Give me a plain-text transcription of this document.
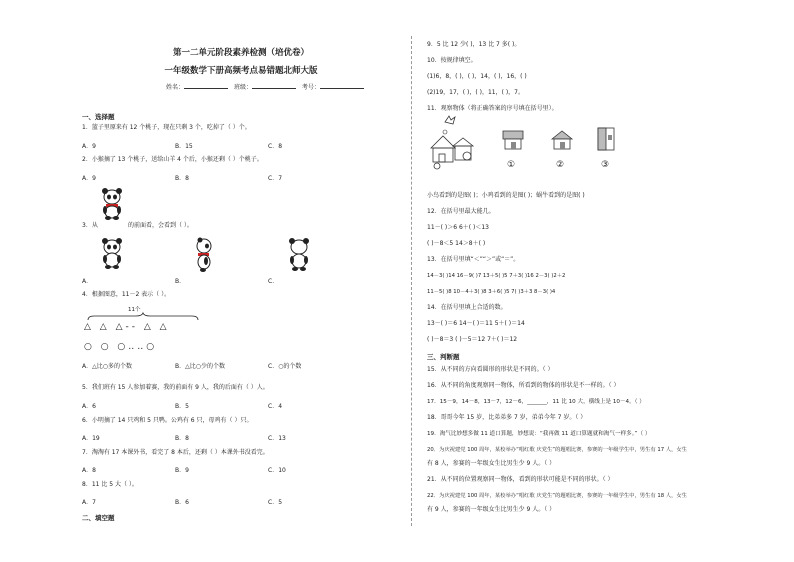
第一二单元阶段素养检测（培优卷）
一年级数学下册高频考点易错题北师大版
姓名：	班级：	考号：
一、选择题
1．篮子里原来有 12 个桃子，现在只剩 3 个，吃掉了（ ）个。
A．9	B．15	C．8
2．小猴摘了 13 个桃子，送给山羊 4 个后，小猴还剩（ ）个桃子。
A．9	B．8	C．7
3．从	的前面看，会看到（ ）。
A．	B．	C．
4．根据图意，11－2 表示（ ）。
11个
△ △ △‑‑ △ △
○ ○ ○‥‥○
A．△比○多的个数	B．△比○少的个数	C．○的个数
5．我们班有 15 人参加着赛，我的前面有 9 人，我的后面有（ ）人。
A．6	B．5	C．4
6．小明摘了 14 只鸡和 5 只鸭。公鸡有 6 只，母鸡有（ ）只。
A．19	B．8	C．13
7．淘淘有 17 本课外书，看完了 8 本后，还剩（ ）本课外书没看完。
A．8	B．9	C．10
8．11 比 5 大（ ）。
A．7	B．6	C．5
二、填空题
9．5 比 12 少( )，13 比 7 多( )。
10．按规律填空。
(1)6，8，( )，( )，14，( )，16，( )
(2)19，17，( )，( )，11，( )，7。
11．观察物体（将正确答案的序号填在括号里）。
①	②	③
小鸟看到的是图( )；小鸡看到的是图( )；蜗牛看到的是图( )
12．在括号里最大能几。
11－( )＞6 6＋( )＜13
( )－8＜5 14＞8＋( )
13．在括号里填“＜”“＞”或“＝”。
14－3( )14 16－9( )7 13＋5( )5 7＋3( )16 2－3( )2＋2
11－5( )8 10－4＋3( )8 3＋6( )5 7( )3＋3 8－3( )4
14．在括号里填上合适的数。
13－( )＝6 14－( )＝11 5＋( )＝14
( )－8＝3 ( )－5＝12 7＋( )＝12
三、判断题
15．从不同的方向看圆形的形状是不同的。（ ）
16．从不同的角度观察同一物体，所看到的物体的形状是不一样的。（ ）
17．15－9，14－8，13－7，12－6，_______，11 比 10 大，横线上是 10－4。（ ）
18．哥哥今年 15 岁，比弟弟多 7 岁，弟弟今年 7 岁。（ ）
19．淘气比妙想多做 11 道口算题，妙想说：“我再做 11 道口算题就和淘气一样多。”（ ）
20．为庆祝建党 100 周年，某校举办“唱红歌 庆党生”的题唱比赛，参赛的一年级学生中，男生有 17 人，女生
有 8 人，参赛的一年级女生比男生少 9 人。（ ）
21．从不同的位置观察同一物体，看到的形状可能是不同的形状。（ ）
22．为庆祝建党 100 周年，某校举办“唱红歌 庆党生”的题唱比赛，参赛的一年级学生中，男生有 18 人，女生
有 9 人，参赛的一年级女生比男生少 9 人。（ ）
